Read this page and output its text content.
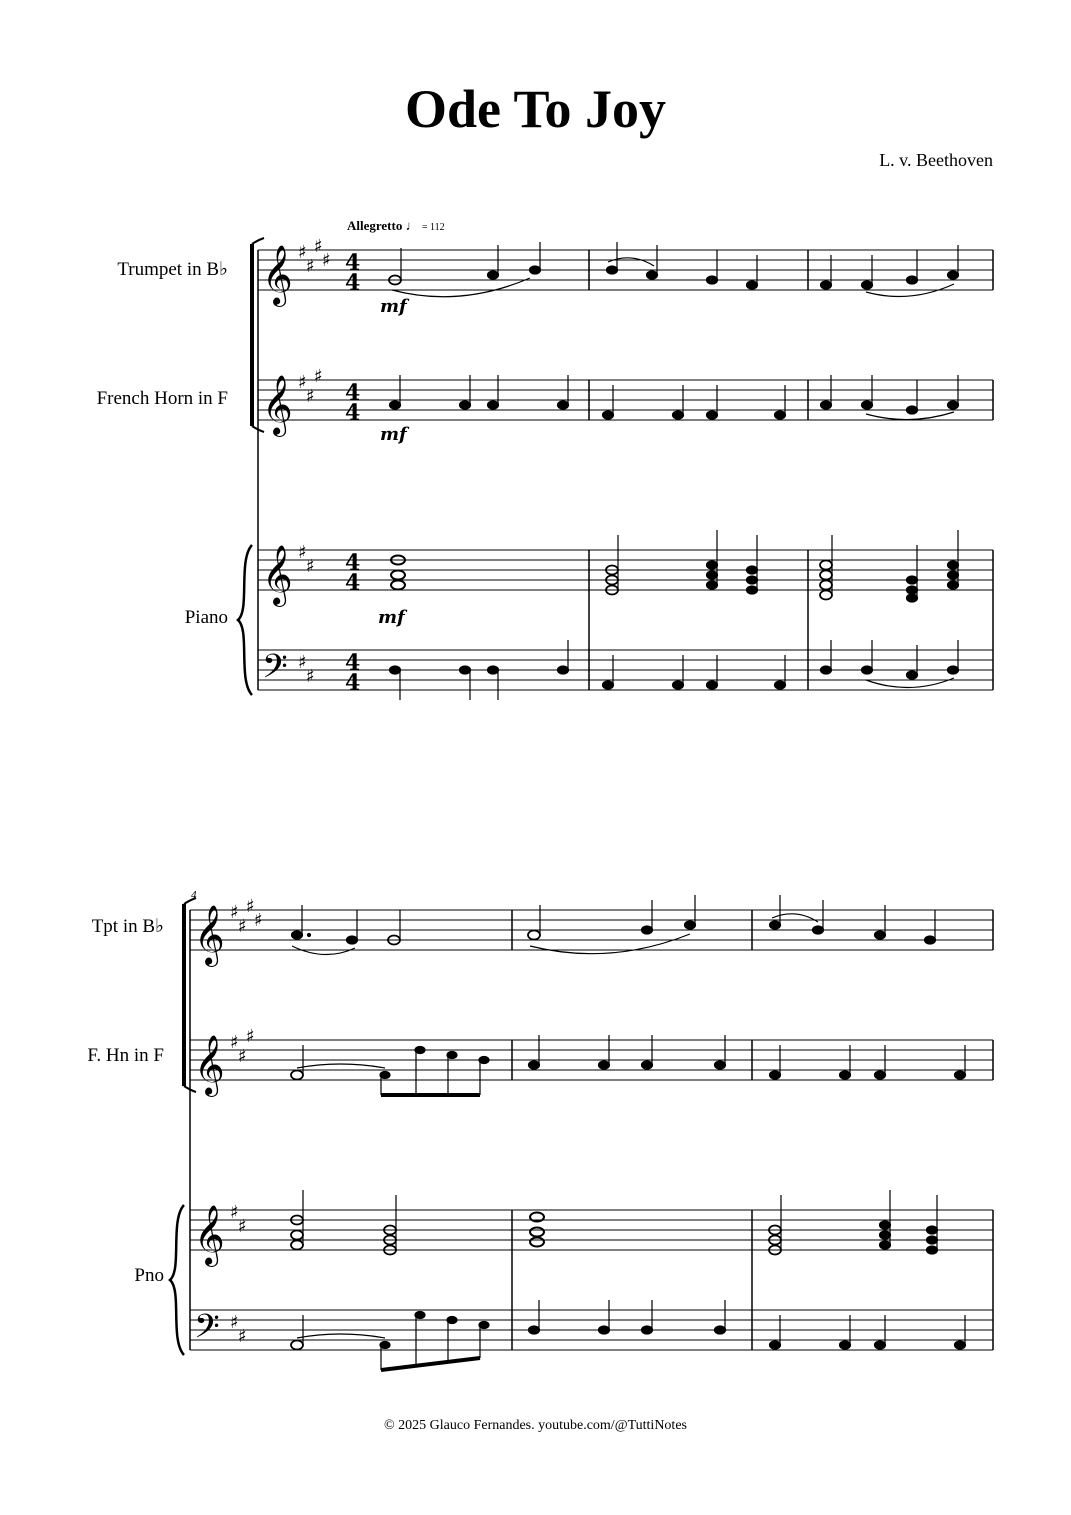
Ode To Joy
L. v. Beethoven
Allegretto ♩ = 112
Trumpet in B♭
French Horn in F
Piano
Tpt in B♭
F. Hn in F
Pno
4
mf
mf
mf
© 2025 Glauco Fernandes. youtube.com/@TuttiNotes
𝄞
𝄞
𝄞
𝄢
♯
♯
♯
♯
♯
♯
♯
♯
♯
♯
♯
4
4
4
4
4
4
4
4
𝄞
𝄞
𝄞
𝄢
♯
♯
♯
♯
♯
♯
♯
♯
♯
♯
♯
